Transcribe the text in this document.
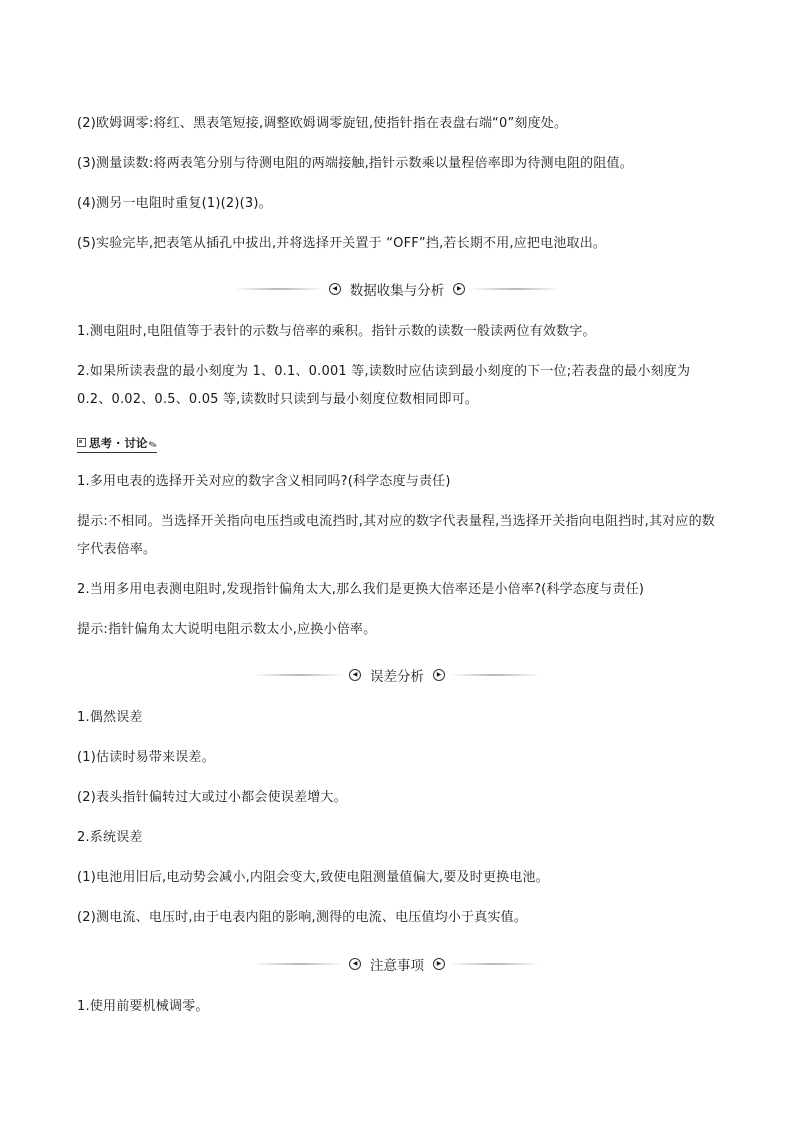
(2)欧姆调零:将红、黑表笔短接,调整欧姆调零旋钮,使指针指在表盘右端“0”刻度处。
(3)测量读数:将两表笔分别与待测电阻的两端接触,指针示数乘以量程倍率即为待测电阻的阻值。
(4)测另一电阻时重复(1)(2)(3)。
(5)实验完毕,把表笔从插孔中拔出,并将选择开关置于 “OFF”挡,若长期不用,应把电池取出。
◀ 数据收集与分析	▶
1.测电阻时,电阻值等于表针的示数与倍率的乘积。指针示数的读数一般读两位有效数字。
2.如果所读表盘的最小刻度为 1、0.1、0.001 等,读数时应估读到最小刻度的下一位;若表盘的最小刻度为 0.2、0.02、0.5、0.05 等,读数时只读到与最小刻度位数相同即可。
思考 · 讨论 ✎
1.多用电表的选择开关对应的数字含义相同吗?(科学态度与责任)
提示:不相同。当选择开关指向电压挡或电流挡时,其对应的数字代表量程,当选择开关指向电阻挡时,其对应的数字代表倍率。
2.当用多用电表测电阻时,发现指针偏角太大,那么我们是更换大倍率还是小倍率?(科学态度与责任)
提示:指针偏角太大说明电阻示数太小,应换小倍率。
◀ 误差分析	▶
1.偶然误差
(1)估读时易带来误差。
(2)表头指针偏转过大或过小都会使误差增大。
2.系统误差
(1)电池用旧后,电动势会减小,内阻会变大,致使电阻测量值偏大,要及时更换电池。
(2)测电流、电压时,由于电表内阻的影响,测得的电流、电压值均小于真实值。
◀ 注意事项	▶
1.使用前要机械调零。
